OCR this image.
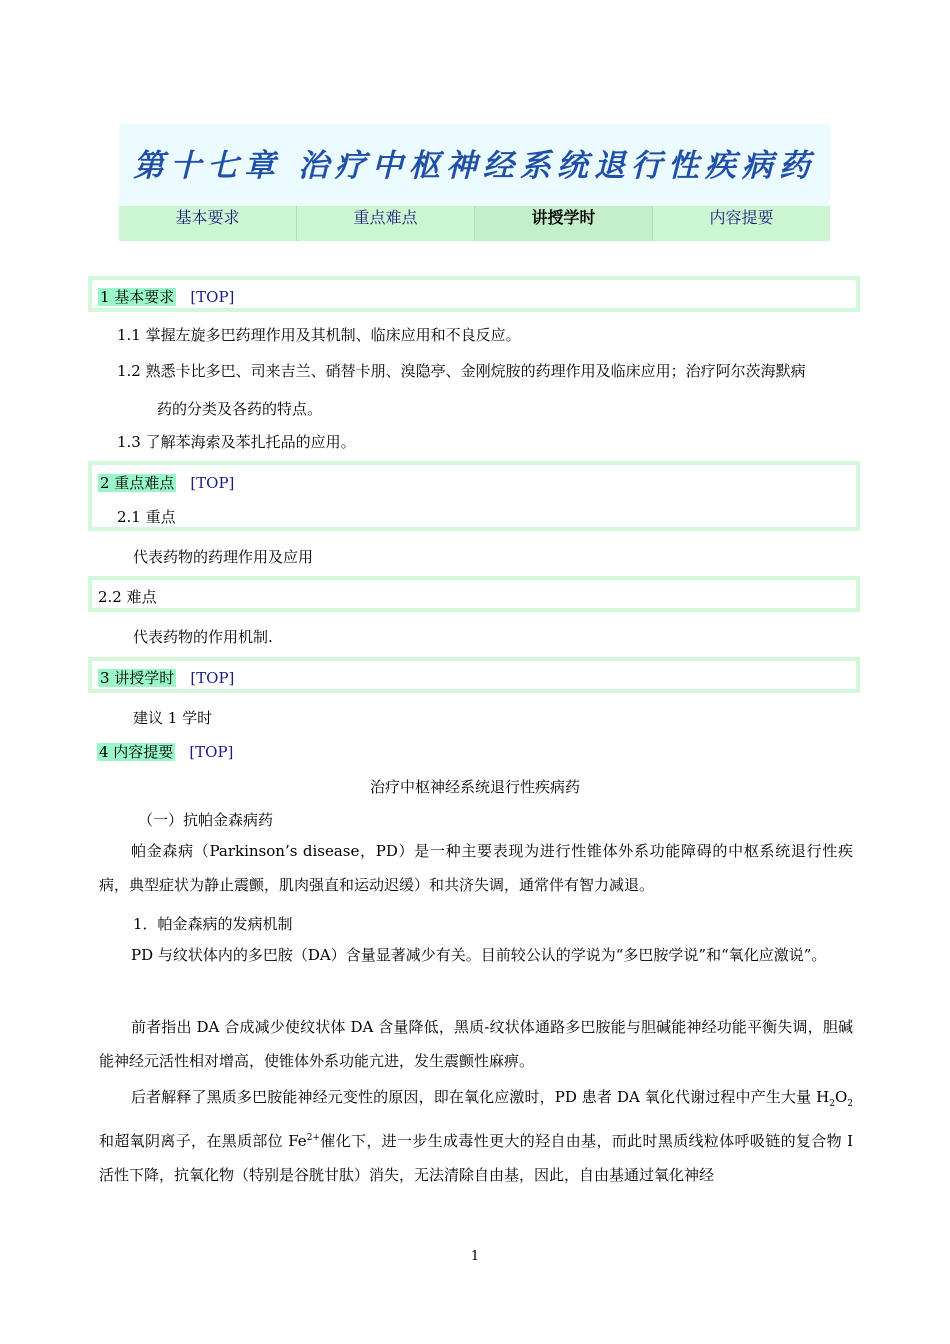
第十七章 治疗中枢神经系统退行性疾病药
基本要求	重点难点	讲授学时	内容提要
1 基本要求 [TOP]
1.1 掌握左旋多巴药理作用及其机制、临床应用和不良反应。
1.2 熟悉卡比多巴、司来吉兰、硝替卡朋、溴隐亭、金刚烷胺的药理作用及临床应用；治疗阿尔茨海默病
药的分类及各药的特点。
1.3 了解苯海索及苯扎托品的应用。
2 重点难点 [TOP]
2.1 重点
代表药物的药理作用及应用
2.2 难点
代表药物的作用机制.
3 讲授学时 [TOP]
建议 1 学时
4 内容提要 [TOP]
治疗中枢神经系统退行性疾病药
（一）抗帕金森病药
帕金森病（Parkinson’s disease，PD）是一种主要表现为进行性锥体外系功能障碍的中枢系统退行性疾病，典型症状为静止震颤，肌肉强直和运动迟缓）和共济失调，通常伴有智力减退。
1．帕金森病的发病机制
PD 与纹状体内的多巴胺（DA）含量显著减少有关。目前较公认的学说为“多巴胺学说”和“氧化应激说”。
前者指出 DA 合成减少使纹状体 DA 含量降低，黑质-纹状体通路多巴胺能与胆碱能神经功能平衡失调，胆碱能神经元活性相对增高，使锥体外系功能亢进，发生震颤性麻痹。
后者解释了黑质多巴胺能神经元变性的原因，即在氧化应激时，PD 患者 DA 氧化代谢过程中产生大量 $H_2O_2$和超氧阴离子，在黑质部位 $Fe^{2+}$催化下，进一步生成毒性更大的羟自由基，而此时黑质线粒体呼吸链的复合物 I 活性下降，抗氧化物（特别是谷胱甘肽）消失，无法清除自由基，因此，自由基通过氧化神经
1
